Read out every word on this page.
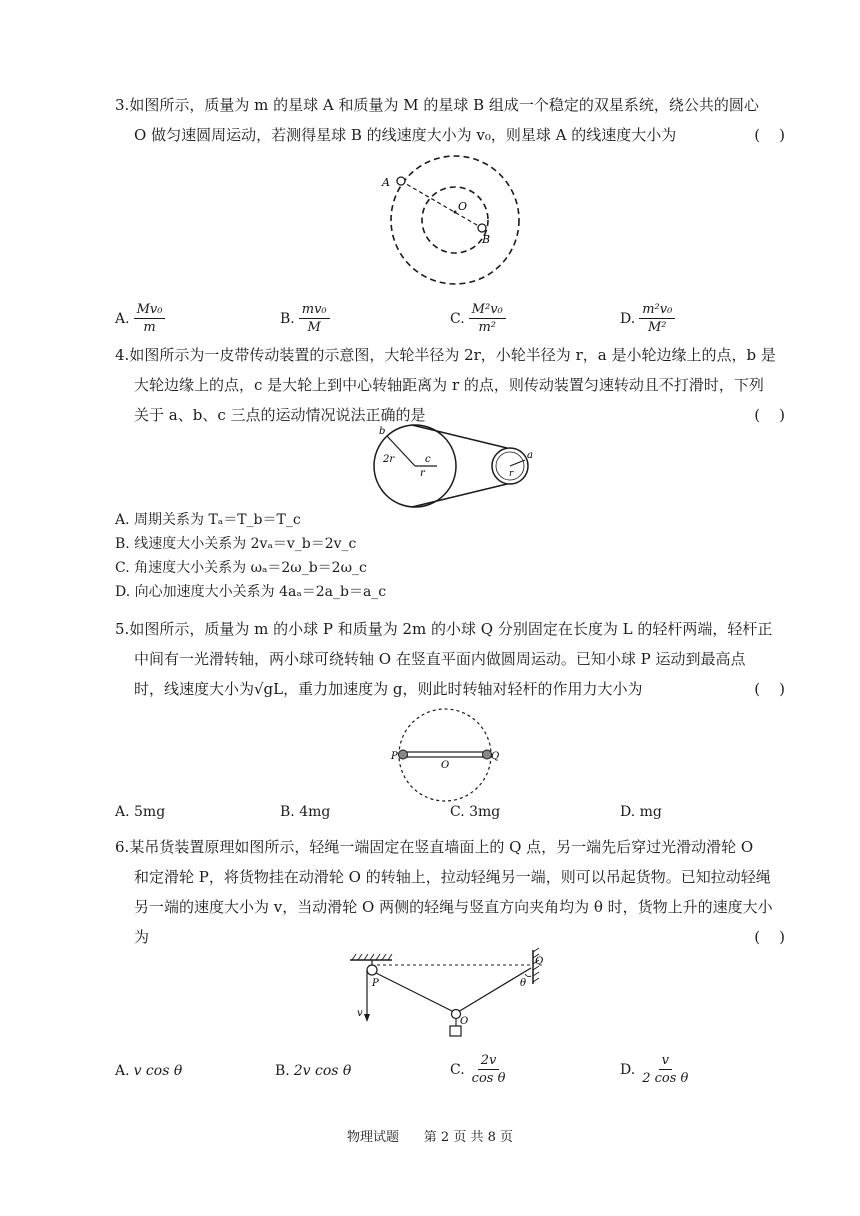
3.如图所示，质量为 m 的星球 A 和质量为 M 的星球 B 组成一个稳定的双星系统，绕公共的圆心
O 做匀速圆周运动，若测得星球 B 的线速度大小为 v₀，则星球 A 的线速度大小为	(    )
A
O
B
A. $\frac{\text{Mv₀}}{m}$	B. $\frac{\text{mv₀}}{M}$	C. $\frac{\text{M²v₀}}{\text{m²}}$	D. $\frac{\text{m²v₀}}{\text{M²}}$
4.如图所示为一皮带传动装置的示意图，大轮半径为 2r，小轮半径为 r，a 是小轮边缘上的点，b 是
大轮边缘上的点，c 是大轮上到中心转轴距离为 r 的点，则传动装置匀速转动且不打滑时，下列
关于 a、b、c 三点的运动情况说法正确的是	(    )
b
2r	c
r
a
r
A. 周期关系为 Tₐ＝T_b＝T_c
B. 线速度大小关系为 2vₐ＝v_b＝2v_c
C. 角速度大小关系为 ωₐ＝2ω_b＝2ω_c
D. 向心加速度大小关系为 4aₐ＝2a_b＝a_c
5.如图所示，质量为 m 的小球 P 和质量为 2m 的小球 Q 分别固定在长度为 L 的轻杆两端，轻杆正
中间有一光滑转轴，两小球可绕转轴 O 在竖直平面内做圆周运动。已知小球 P 运动到最高点
时，线速度大小为√gL，重力加速度为 g，则此时转轴对轻杆的作用力大小为	(    )
P
O
Q
A. 5mg	B. 4mg	C. 3mg	D. mg
6.某吊货装置原理如图所示，轻绳一端固定在竖直墙面上的 Q 点，另一端先后穿过光滑动滑轮 O
和定滑轮 P，将货物挂在动滑轮 O 的转轴上，拉动轻绳另一端，则可以吊起货物。已知拉动轻绳
另一端的速度大小为 v，当动滑轮 O 两侧的轻绳与竖直方向夹角均为 θ 时，货物上升的速度大小
为	(    )
P
v
O
Q
θ
A. v cos θ	B. 2v cos θ	C. $\frac{2v}{\text{cos θ}}$	D. $\frac{v}{\text{2 cos θ}}$
物理试题 第 2 页 共 8 页
